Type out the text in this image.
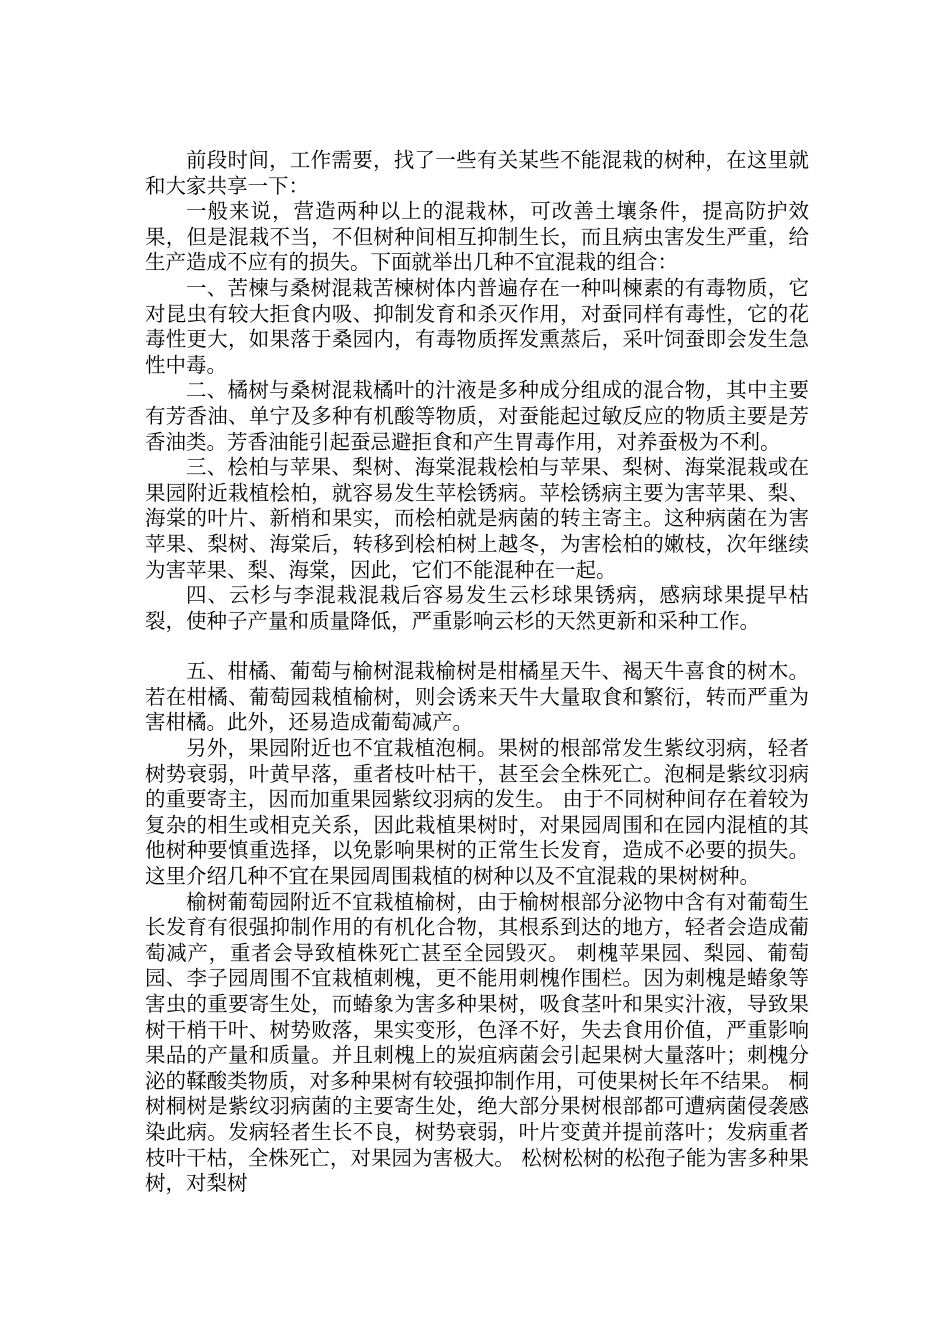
前段时间，工作需要，找了一些有关某些不能混栽的树种，在这里就和大家共享一下：

一般来说，营造两种以上的混栽林，可改善土壤条件，提高防护效果，但是混栽不当，不但树种间相互抑制生长，而且病虫害发生严重，给生产造成不应有的损失。下面就举出几种不宜混栽的组合：

一、苦楝与桑树混栽苦楝树体内普遍存在一种叫楝素的有毒物质，它对昆虫有较大拒食内吸、抑制发育和杀灭作用，对蚕同样有毒性，它的花毒性更大，如果落于桑园内，有毒物质挥发熏蒸后，采叶饲蚕即会发生急性中毒。

二、橘树与桑树混栽橘叶的汁液是多种成分组成的混合物，其中主要有芳香油、单宁及多种有机酸等物质，对蚕能起过敏反应的物质主要是芳香油类。芳香油能引起蚕忌避拒食和产生胃毒作用，对养蚕极为不利。

三、桧柏与苹果、梨树、海棠混栽桧柏与苹果、梨树、海棠混栽或在果园附近栽植桧柏，就容易发生苹桧锈病。苹桧锈病主要为害苹果、梨、海棠的叶片、新梢和果实，而桧柏就是病菌的转主寄主。这种病菌在为害苹果、梨树、海棠后，转移到桧柏树上越冬，为害桧柏的嫩枝，次年继续为害苹果、梨、海棠，因此，它们不能混种在一起。

四、云杉与李混栽混栽后容易发生云杉球果锈病，感病球果提早枯裂，使种子产量和质量降低，严重影响云杉的天然更新和采种工作。

五、柑橘、葡萄与榆树混栽榆树是柑橘星天牛、褐天牛喜食的树木。若在柑橘、葡萄园栽植榆树，则会诱来天牛大量取食和繁衍，转而严重为害柑橘。此外，还易造成葡萄减产。

另外，果园附近也不宜栽植泡桐。果树的根部常发生紫纹羽病，轻者树势衰弱，叶黄早落，重者枝叶枯干，甚至会全株死亡。泡桐是紫纹羽病的重要寄主，因而加重果园紫纹羽病的发生。 由于不同树种间存在着较为复杂的相生或相克关系，因此栽植果树时，对果园周围和在园内混植的其他树种要慎重选择，以免影响果树的正常生长发育，造成不必要的损失。这里介绍几种不宜在果园周围栽植的树种以及不宜混栽的果树树种。

榆树葡萄园附近不宜栽植榆树，由于榆树根部分泌物中含有对葡萄生长发育有很强抑制作用的有机化合物，其根系到达的地方，轻者会造成葡萄减产，重者会导致植株死亡甚至全园毁灭。 刺槐苹果园、梨园、葡萄园、李子园周围不宜栽植刺槐，更不能用刺槐作围栏。因为刺槐是蝽象等害虫的重要寄生处，而蝽象为害多种果树，吸食茎叶和果实汁液，导致果树干梢干叶、树势败落，果实变形，色泽不好，失去食用价值，严重影响果品的产量和质量。并且刺槐上的炭疽病菌会引起果树大量落叶；刺槐分泌的鞣酸类物质，对多种果树有较强抑制作用，可使果树长年不结果。 桐树桐树是紫纹羽病菌的主要寄生处，绝大部分果树根部都可遭病菌侵袭感染此病。发病轻者生长不良，树势衰弱，叶片变黄并提前落叶；发病重者枝叶干枯，全株死亡，对果园为害极大。 松树松树的松孢子能为害多种果树，对梨树
